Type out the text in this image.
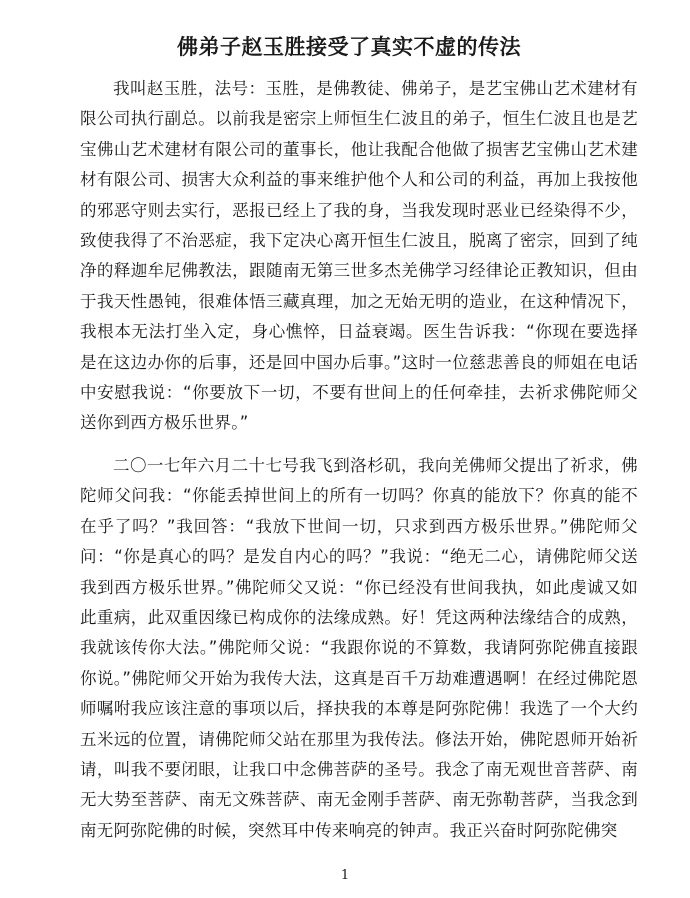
佛弟子赵玉胜接受了真实不虚的传法

我叫赵玉胜，法号：玉胜，是佛教徒、佛弟子，是艺宝佛山艺术建材有限公司执行副总。以前我是密宗上师恒生仁波且的弟子，恒生仁波且也是艺宝佛山艺术建材有限公司的董事长，他让我配合他做了损害艺宝佛山艺术建材有限公司、损害大众利益的事来维护他个人和公司的利益，再加上我按他的邪恶守则去实行，恶报已经上了我的身，当我发现时恶业已经染得不少，致使我得了不治恶症，我下定决心离开恒生仁波且，脱离了密宗，回到了纯净的释迦牟尼佛教法，跟随南无第三世多杰羌佛学习经律论正教知识，但由于我天性愚钝，很难体悟三藏真理，加之无始无明的造业，在这种情况下，我根本无法打坐入定，身心憔悴，日益衰竭。医生告诉我：“你现在要选择是在这边办你的后事，还是回中国办后事。”这时一位慈悲善良的师姐在电话中安慰我说：“你要放下一切，不要有世间上的任何牵挂，去祈求佛陀师父送你到西方极乐世界。”

二〇一七年六月二十七号我飞到洛杉矶，我向羌佛师父提出了祈求，佛陀师父问我：“你能丢掉世间上的所有一切吗？你真的能放下？你真的能不在乎了吗？”我回答：“我放下世间一切，只求到西方极乐世界。”佛陀师父问：“你是真心的吗？是发自内心的吗？”我说：“绝无二心，请佛陀师父送我到西方极乐世界。”佛陀师父又说：“你已经没有世间我执，如此虔诚又如此重病，此双重因缘已构成你的法缘成熟。好！凭这两种法缘结合的成熟，我就该传你大法。”佛陀师父说：“我跟你说的不算数，我请阿弥陀佛直接跟你说。”佛陀师父开始为我传大法，这真是百千万劫难遭遇啊！在经过佛陀恩师嘱咐我应该注意的事项以后，择抉我的本尊是阿弥陀佛！我选了一个大约五米远的位置，请佛陀师父站在那里为我传法。修法开始，佛陀恩师开始祈请，叫我不要闭眼，让我口中念佛菩萨的圣号。我念了南无观世音菩萨、南无大势至菩萨、南无文殊菩萨、南无金刚手菩萨、南无弥勒菩萨，当我念到南无阿弥陀佛的时候，突然耳中传来响亮的钟声。我正兴奋时阿弥陀佛突

1
